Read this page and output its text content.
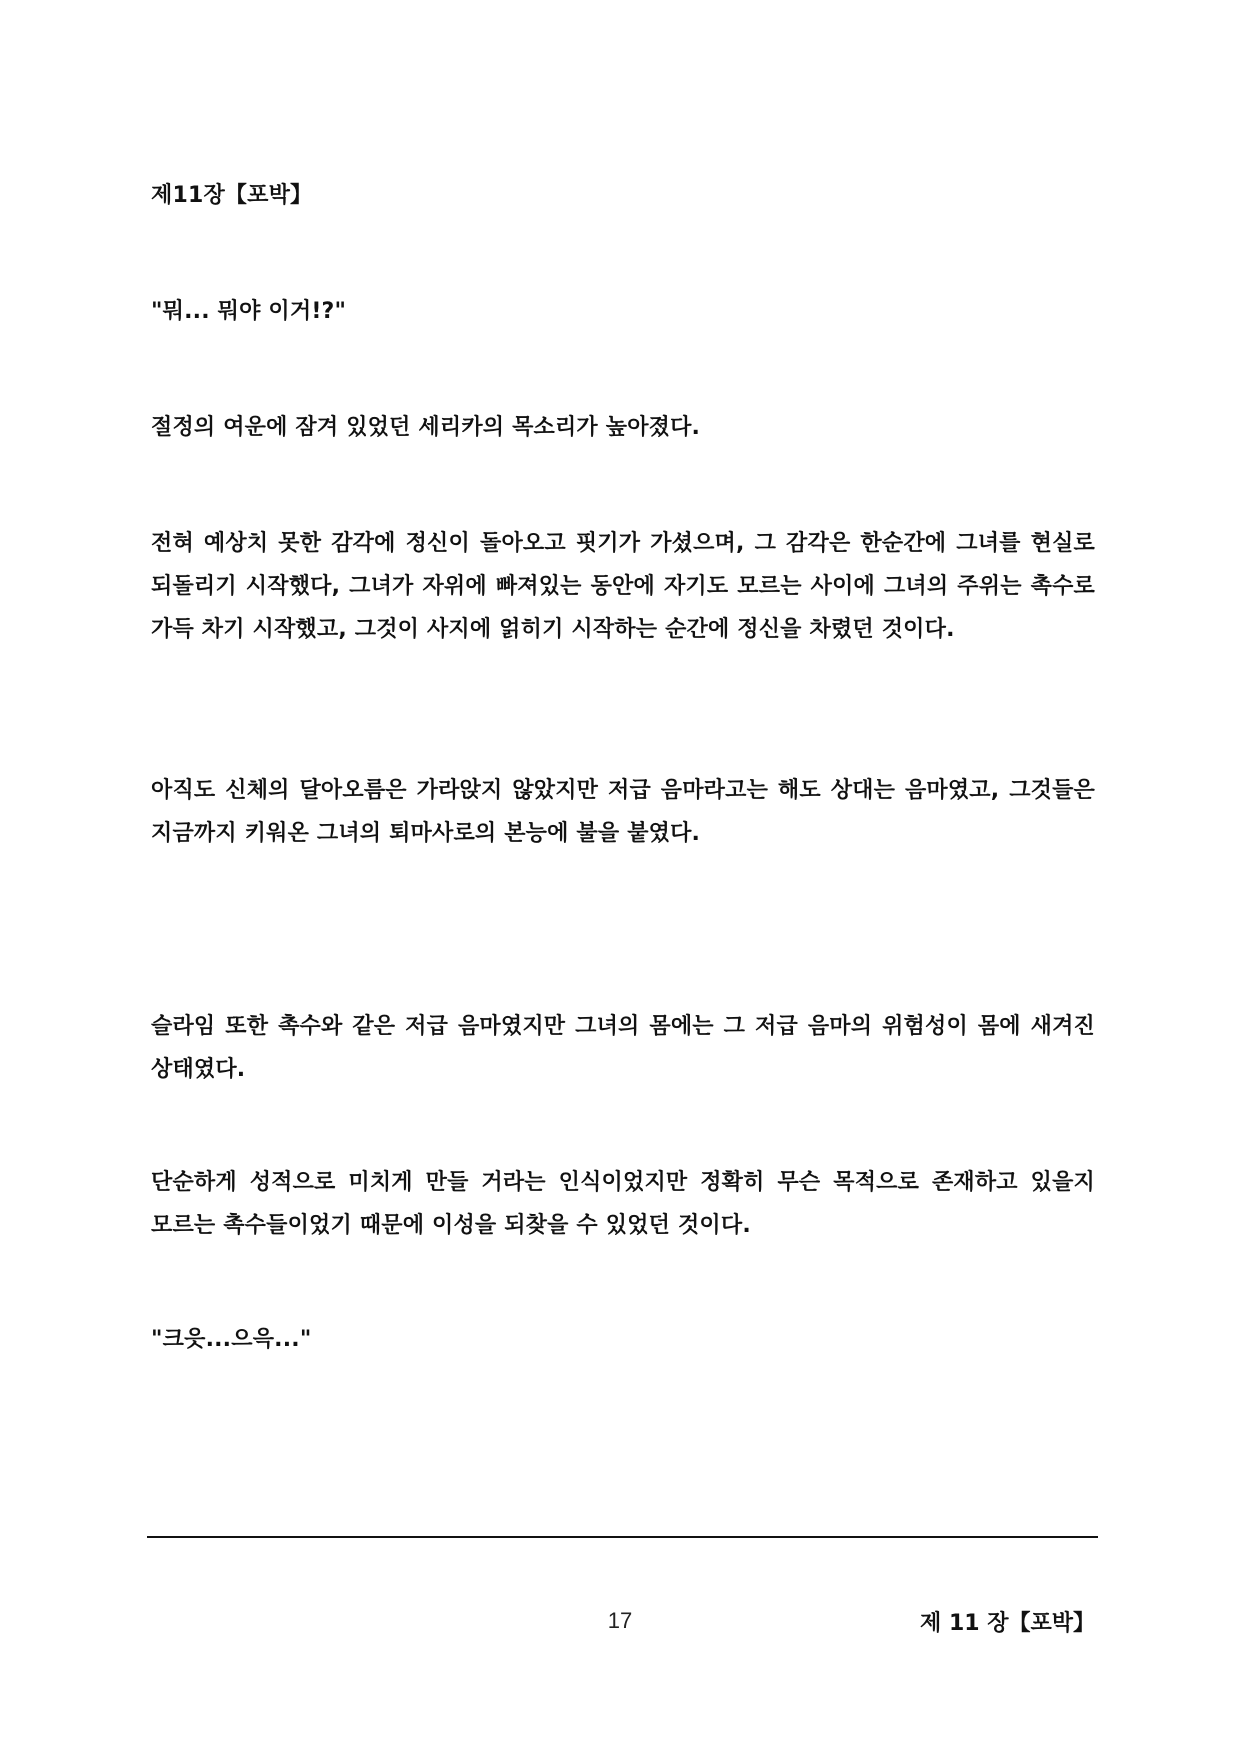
제11장【포박】

"뭐... 뭐야 이거!?"

절정의 여운에 잠겨 있었던 세리카의 목소리가 높아졌다.

전혀 예상치 못한 감각에 정신이 돌아오고 핏기가 가셨으며, 그 감각은 한순간에 그녀를 현실로 되돌리기 시작했다, 그녀가 자위에 빠져있는 동안에 자기도 모르는 사이에 그녀의 주위는 촉수로 가득 차기 시작했고, 그것이 사지에 얽히기 시작하는 순간에 정신을 차렸던 것이다.

아직도 신체의 달아오름은 가라앉지 않았지만 저급 음마라고는 해도 상대는 음마였고, 그것들은 지금까지 키워온 그녀의 퇴마사로의 본능에 불을 붙였다.

슬라임 또한 촉수와 같은 저급 음마였지만 그녀의 몸에는 그 저급 음마의 위험성이 몸에 새겨진 상태였다.

단순하게 성적으로 미치게 만들 거라는 인식이었지만 정확히 무슨 목적으로 존재하고 있을지 모르는 촉수들이었기 때문에 이성을 되찾을 수 있었던 것이다.

"크읏...으윽..."

17	제 11 장【포박】
